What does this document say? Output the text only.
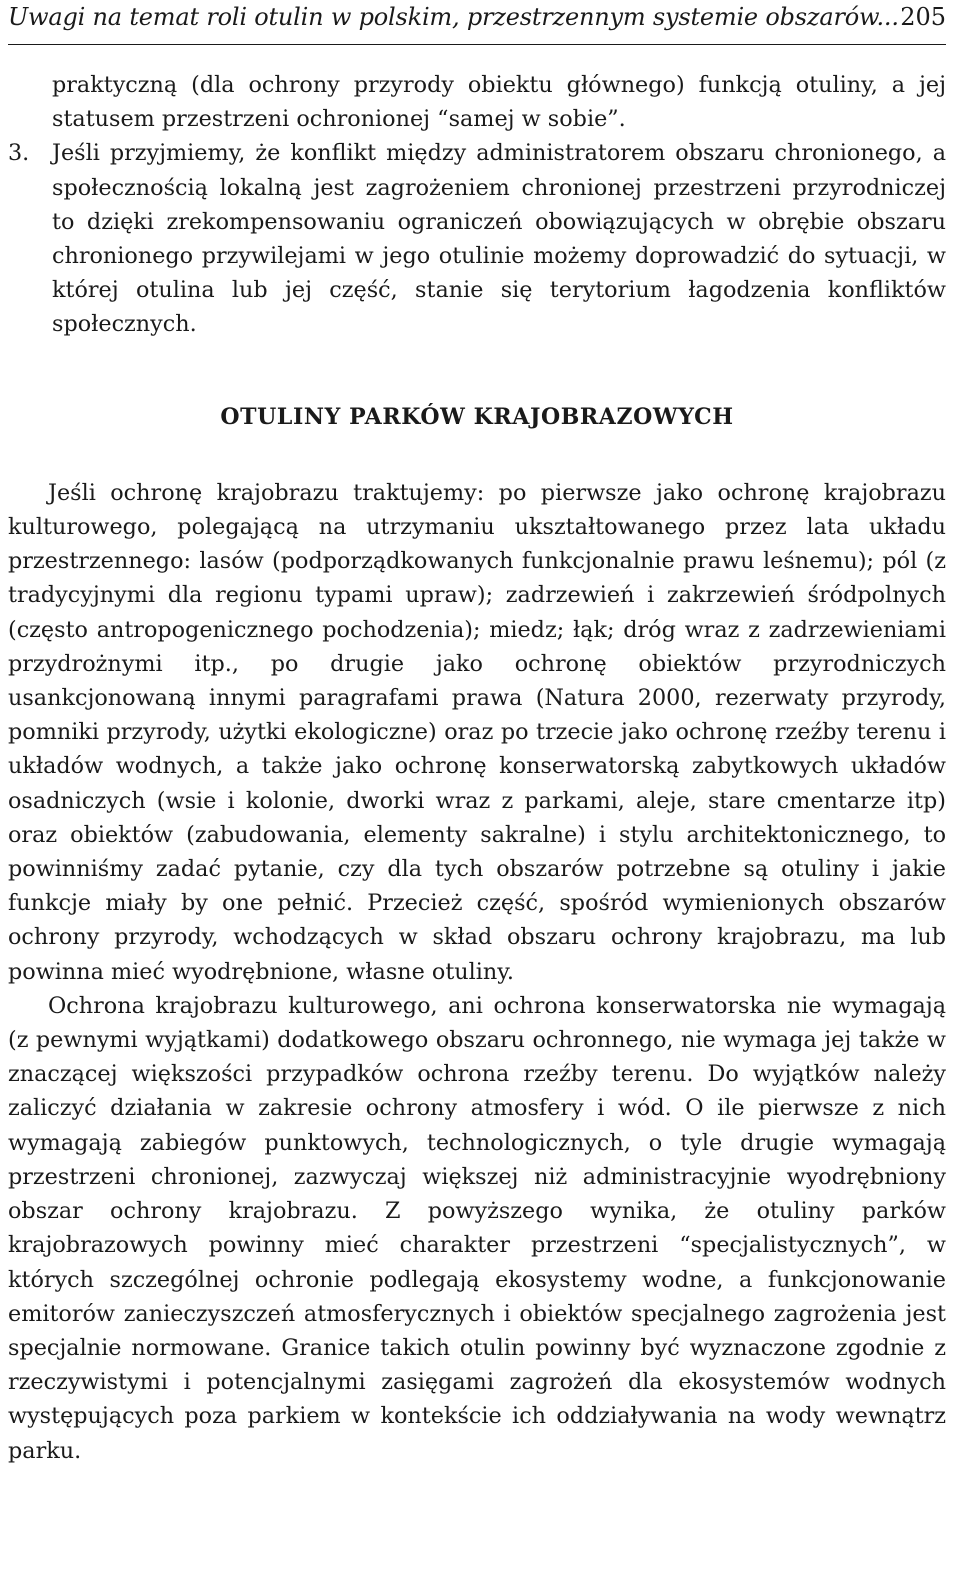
Uwagi na temat roli otulin w polskim, przestrzennym systemie obszarów... 205

praktyczną (dla ochrony przyrody obiektu głównego) funkcją otuliny, a jej statusem przestrzeni ochronionej “samej w sobie”.

3. Jeśli przyjmiemy, że konflikt między administratorem obszaru chronionego, a społecznością lokalną jest zagrożeniem chronionej przestrzeni przyrodniczej to dzięki zrekompensowaniu ograniczeń obowiązujących w obrębie obszaru chronionego przywilejami w jego otulinie możemy doprowadzić do sytuacji, w której otulina lub jej część, stanie się terytorium łagodzenia konfliktów społecznych.

OTULINY PARKÓW KRAJOBRAZOWYCH

Jeśli ochronę krajobrazu traktujemy: po pierwsze jako ochronę krajobrazu kulturowego, polegającą na utrzymaniu ukształtowanego przez lata układu przestrzennego: lasów (podporządkowanych funkcjonalnie prawu leśnemu); pól (z tradycyjnymi dla regionu typami upraw); zadrzewień i zakrzewień śródpolnych (często antropogenicznego pochodzenia); miedz; łąk; dróg wraz z zadrzewieniami przydrożnymi itp., po drugie jako ochronę obiektów przyrodniczych usankcjonowaną innymi paragrafami prawa (Natura 2000, rezerwaty przyrody, pomniki przyrody, użytki ekologiczne) oraz po trzecie jako ochronę rzeźby terenu i układów wodnych, a także jako ochronę konserwatorską zabytkowych układów osadniczych (wsie i kolonie, dworki wraz z parkami, aleje, stare cmentarze itp) oraz obiektów (zabudowania, elementy sakralne) i stylu architektonicznego, to powinniśmy zadać pytanie, czy dla tych obszarów potrzebne są otuliny i jakie funkcje miały by one pełnić. Przecież część, spośród wymienionych obszarów ochrony przyrody, wchodzących w skład obszaru ochrony krajobrazu, ma lub powinna mieć wyodrębnione, własne otuliny.

Ochrona krajobrazu kulturowego, ani ochrona konserwatorska nie wymagają (z pewnymi wyjątkami) dodatkowego obszaru ochronnego, nie wymaga jej także w znaczącej większości przypadków ochrona rzeźby terenu. Do wyjątków należy zaliczyć działania w zakresie ochrony atmosfery i wód. O ile pierwsze z nich wymagają zabiegów punktowych, technologicznych, o tyle drugie wymagają przestrzeni chronionej, zazwyczaj większej niż administracyjnie wyodrębniony obszar ochrony krajobrazu. Z powyższego wynika, że otuliny parków krajobrazowych powinny mieć charakter przestrzeni “specjalistycznych”, w których szczególnej ochronie podlegają ekosystemy wodne, a funkcjonowanie emitorów zanieczyszczeń atmosferycznych i obiektów specjalnego zagrożenia jest specjalnie normowane. Granice takich otulin powinny być wyznaczone zgodnie z rzeczywistymi i potencjalnymi zasięgami zagrożeń dla ekosystemów wodnych występujących poza parkiem w kontekście ich oddziaływania na wody wewnątrz parku.
